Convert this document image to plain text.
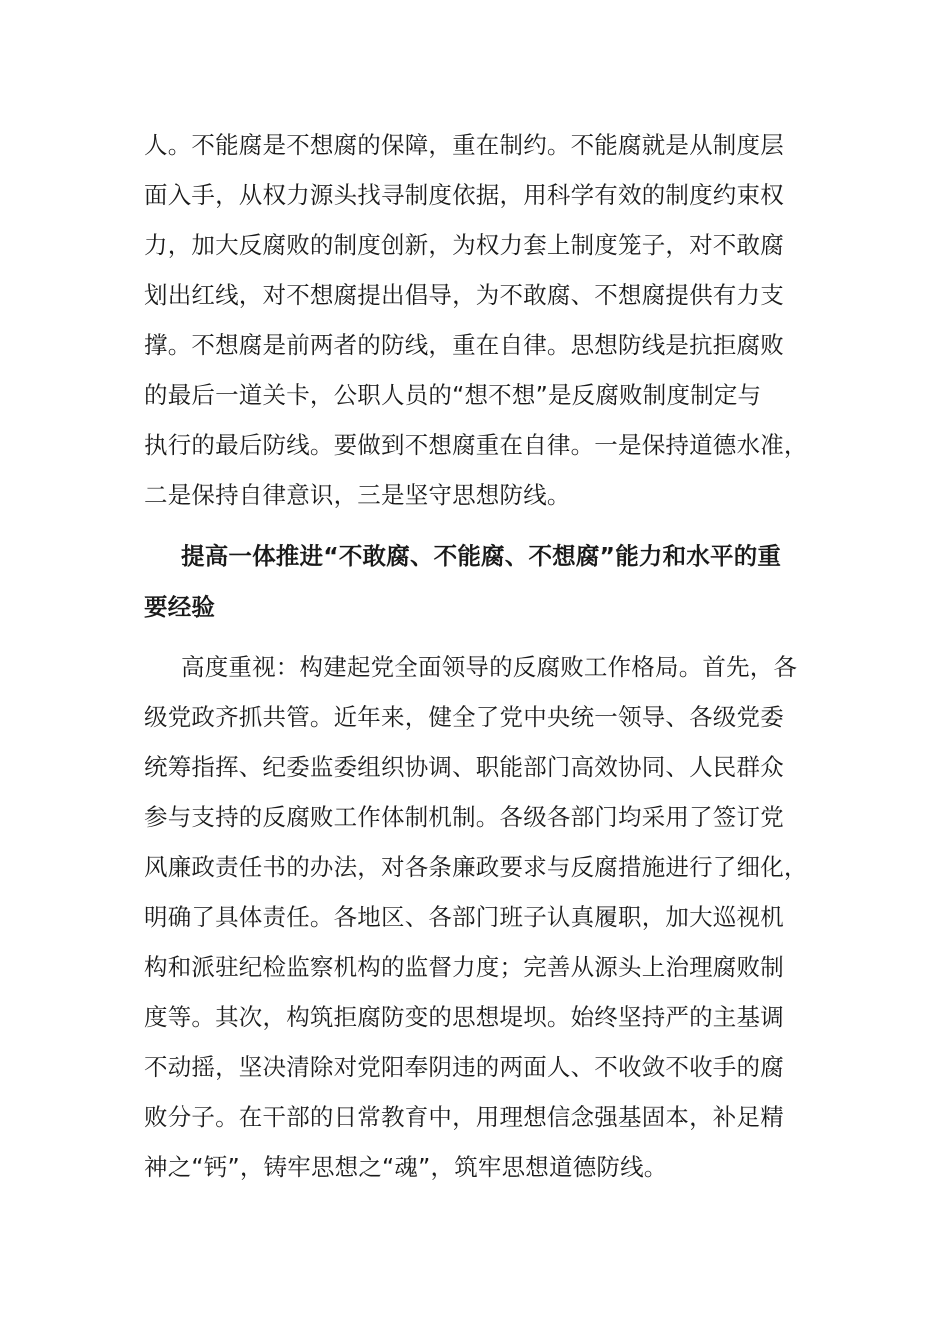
人。不能腐是不想腐的保障，重在制约。不能腐就是从制度层
面入手，从权力源头找寻制度依据，用科学有效的制度约束权
力，加大反腐败的制度创新，为权力套上制度笼子，对不敢腐
划出红线，对不想腐提出倡导，为不敢腐、不想腐提供有力支
撑。不想腐是前两者的防线，重在自律。思想防线是抗拒腐败
的最后一道关卡，公职人员的“想不想”是反腐败制度制定与
执行的最后防线。要做到不想腐重在自律。一是保持道德水准，
二是保持自律意识，三是坚守思想防线。
提高一体推进“不敢腐、不能腐、不想腐”能力和水平的重
要经验
高度重视：构建起党全面领导的反腐败工作格局。首先，各
级党政齐抓共管。近年来，健全了党中央统一领导、各级党委
统筹指挥、纪委监委组织协调、职能部门高效协同、人民群众
参与支持的反腐败工作体制机制。各级各部门均采用了签订党
风廉政责任书的办法，对各条廉政要求与反腐措施进行了细化，
明确了具体责任。各地区、各部门班子认真履职，加大巡视机
构和派驻纪检监察机构的监督力度；完善从源头上治理腐败制
度等。其次，构筑拒腐防变的思想堤坝。始终坚持严的主基调
不动摇，坚决清除对党阳奉阴违的两面人、不收敛不收手的腐
败分子。在干部的日常教育中，用理想信念强基固本，补足精
神之“钙”，铸牢思想之“魂”，筑牢思想道德防线。
